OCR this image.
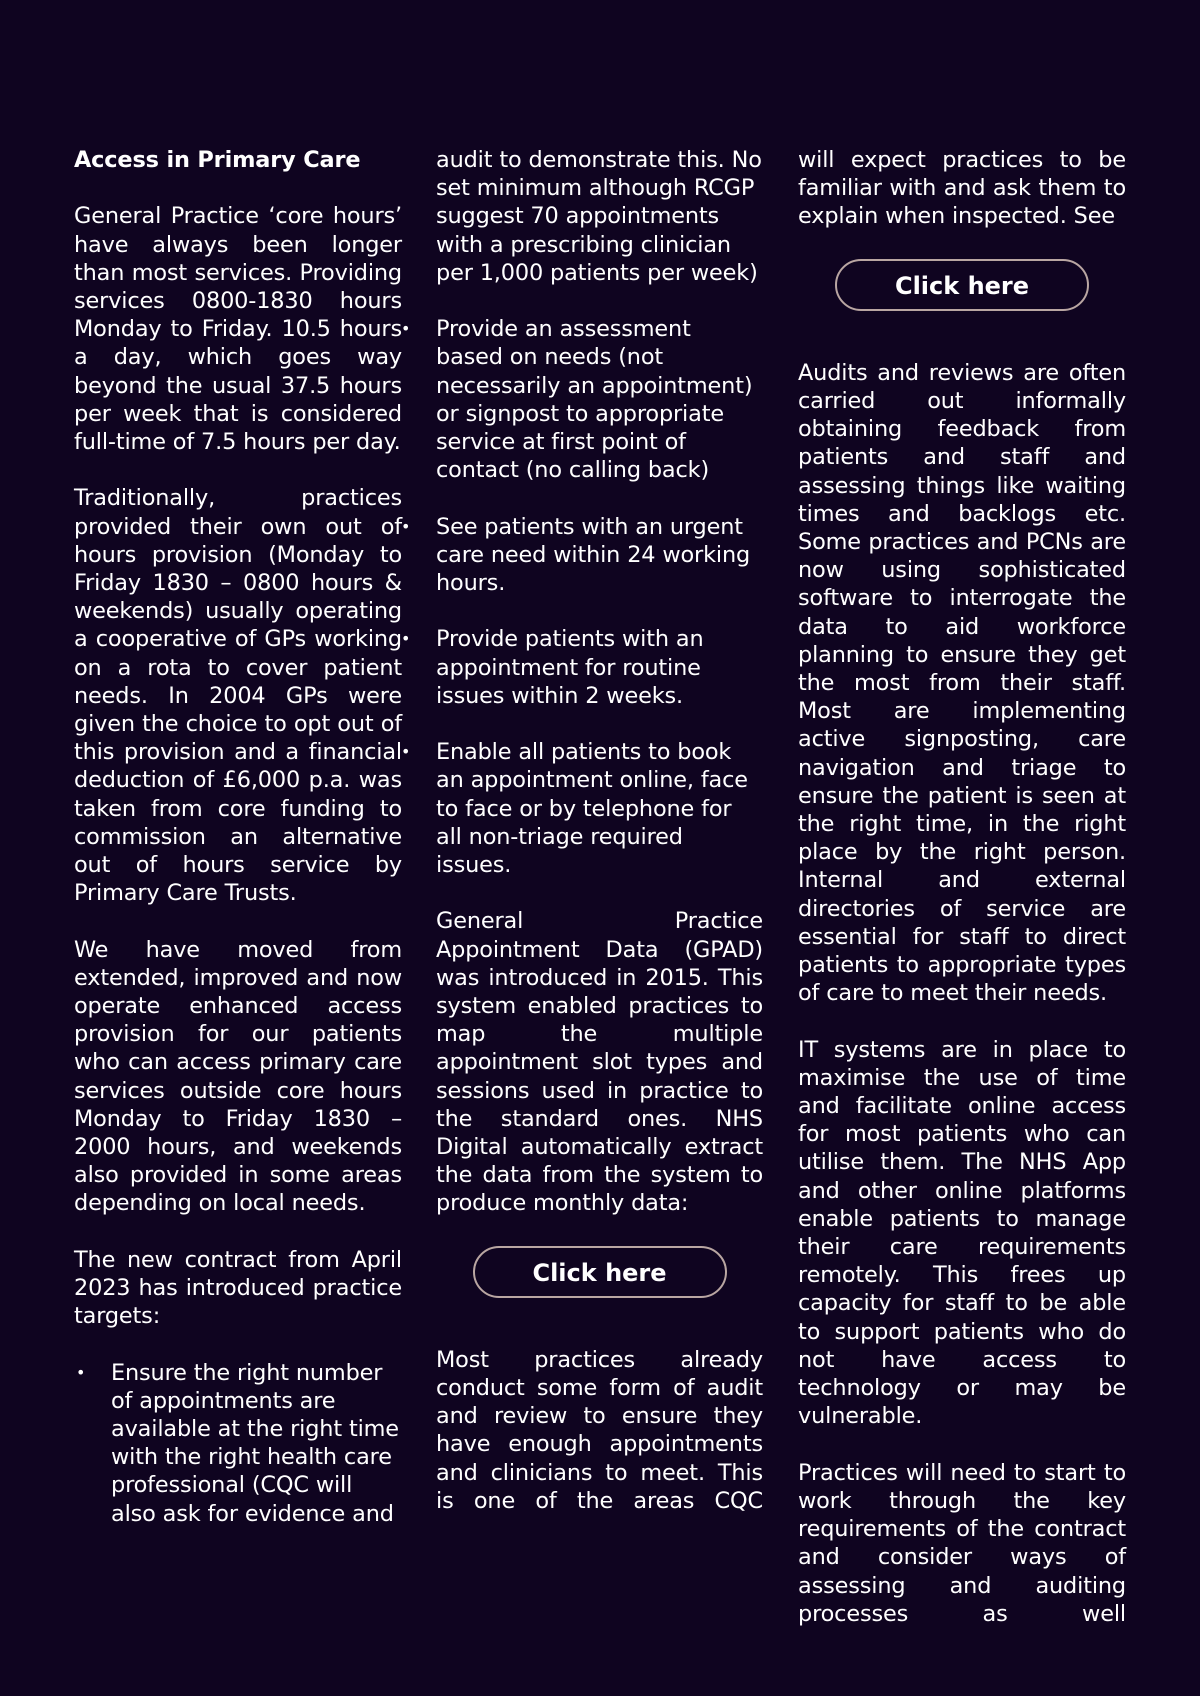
Access in Primary Care

General Practice ‘core hours’ have always been longer than most services. Providing services 0800-1830 hours Monday to Friday. 10.5 hours a day, which goes way beyond the usual 37.5 hours per week that is considered full-time of 7.5 hours per day.

Traditionally, practices provided their own out of hours provision (Monday to Friday 1830 – 0800 hours & weekends) usually operating a cooperative of GPs working on a rota to cover patient needs. In 2004 GPs were given the choice to opt out of this provision and a financial deduction of £6,000 p.a. was taken from core funding to commission an alternative out of hours service by Primary Care Trusts.

We have moved from extended, improved and now operate enhanced access provision for our patients who can access primary care services outside core hours Monday to Friday 1830 – 2000 hours, and weekends also provided in some areas depending on local needs.

The new contract from April 2023 has introduced practice targets:

• Ensure the right number of appointments are available at the right time with the right health care professional (CQC will also ask for evidence and
audit to demonstrate this. No set minimum although RCGP suggest 70 appointments with a prescribing clinician per 1,000 patients per week)
• Provide an assessment based on needs (not necessarily an appointment) or signpost to appropriate service at first point of contact (no calling back)
• See patients with an urgent care need within 24 working hours.
• Provide patients with an appointment for routine issues within 2 weeks.
• Enable all patients to book an appointment online, face to face or by telephone for all non-triage required issues.

General Practice Appointment Data (GPAD) was introduced in 2015. This system enabled practices to map the multiple appointment slot types and sessions used in practice to the standard ones. NHS Digital automatically extract the data from the system to produce monthly data:

Click here

Most practices already conduct some form of audit and review to ensure they have enough appointments and clinicians to meet. This is one of the areas CQC

will expect practices to be familiar with and ask them to explain when inspected. See

Click here

Audits and reviews are often carried out informally obtaining feedback from patients and staff and assessing things like waiting times and backlogs etc. Some practices and PCNs are now using sophisticated software to interrogate the data to aid workforce planning to ensure they get the most from their staff. Most are implementing active signposting, care navigation and triage to ensure the patient is seen at the right time, in the right place by the right person. Internal and external directories of service are essential for staff to direct patients to appropriate types of care to meet their needs.

IT systems are in place to maximise the use of time and facilitate online access for most patients who can utilise them. The NHS App and other online platforms enable patients to manage their care requirements remotely. This frees up capacity for staff to be able to support patients who do not have access to technology or may be vulnerable.

Practices will need to start to work through the key requirements of the contract and consider ways of assessing and auditing processes as well
